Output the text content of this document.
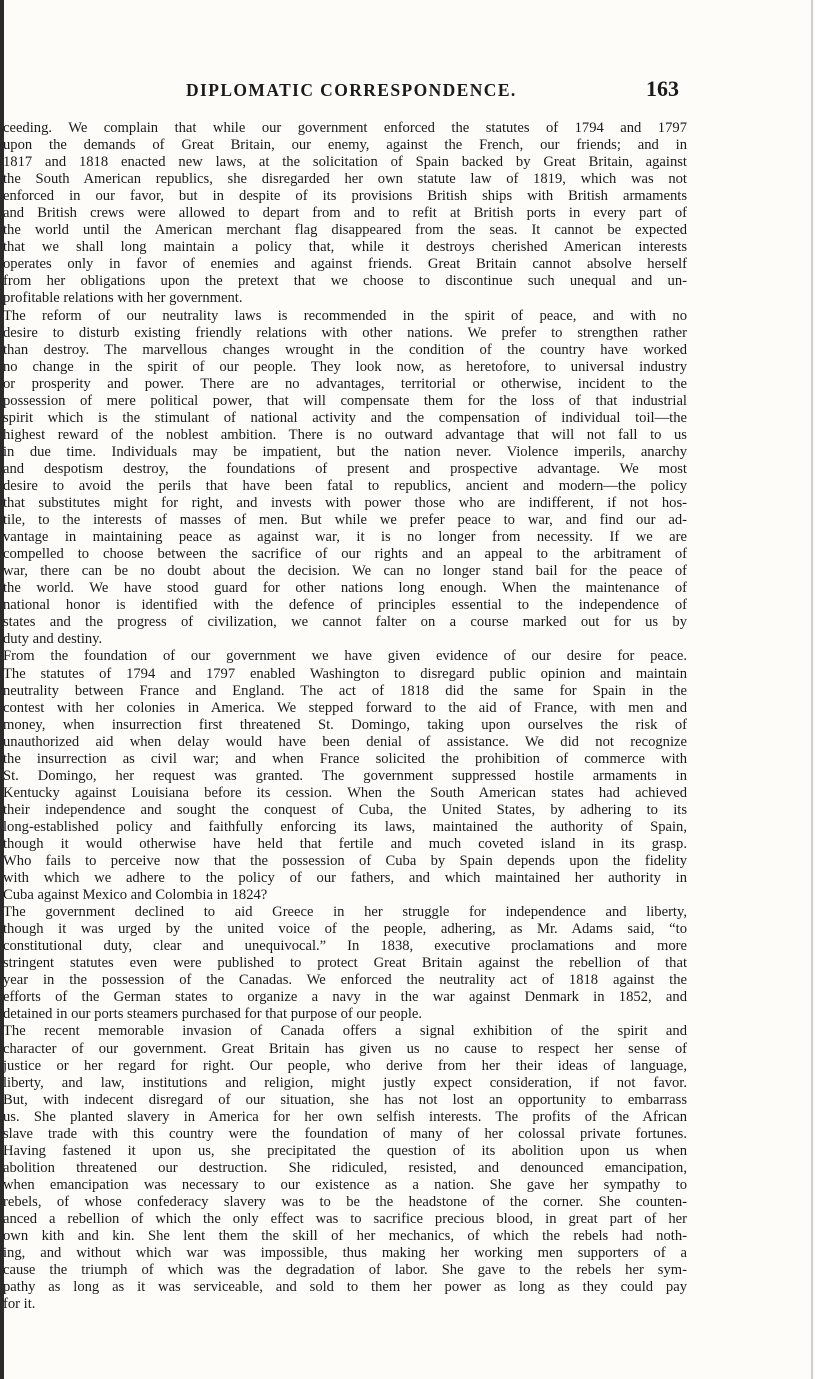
DIPLOMATIC CORRESPONDENCE.	163
ceeding. We complain that while our government enforced the statutes of 1794 and 1797
upon the demands of Great Britain, our enemy, against the French, our friends; and in
1817 and 1818 enacted new laws, at the solicitation of Spain backed by Great Britain, against
the South American republics, she disregarded her own statute law of 1819, which was not
enforced in our favor, but in despite of its provisions British ships with British armaments
and British crews were allowed to depart from and to refit at British ports in every part of
the world until the American merchant flag disappeared from the seas. It cannot be expected
that we shall long maintain a policy that, while it destroys cherished American interests
operates only in favor of enemies and against friends. Great Britain cannot absolve herself
from her obligations upon the pretext that we choose to discontinue such unequal and un-
profitable relations with her government.
The reform of our neutrality laws is recommended in the spirit of peace, and with no
desire to disturb existing friendly relations with other nations. We prefer to strengthen rather
than destroy. The marvellous changes wrought in the condition of the country have worked
no change in the spirit of our people. They look now, as heretofore, to universal industry
or prosperity and power. There are no advantages, territorial or otherwise, incident to the
possession of mere political power, that will compensate them for the loss of that industrial
spirit which is the stimulant of national activity and the compensation of individual toil—the
highest reward of the noblest ambition. There is no outward advantage that will not fall to us
in due time. Individuals may be impatient, but the nation never. Violence imperils, anarchy
and despotism destroy, the foundations of present and prospective advantage. We most
desire to avoid the perils that have been fatal to republics, ancient and modern—the policy
that substitutes might for right, and invests with power those who are indifferent, if not hos-
tile, to the interests of masses of men. But while we prefer peace to war, and find our ad-
vantage in maintaining peace as against war, it is no longer from necessity. If we are
compelled to choose between the sacrifice of our rights and an appeal to the arbitrament of
war, there can be no doubt about the decision. We can no longer stand bail for the peace of
the world. We have stood guard for other nations long enough. When the maintenance of
national honor is identified with the defence of principles essential to the independence of
states and the progress of civilization, we cannot falter on a course marked out for us by
duty and destiny.
From the foundation of our government we have given evidence of our desire for peace.
The statutes of 1794 and 1797 enabled Washington to disregard public opinion and maintain
neutrality between France and England. The act of 1818 did the same for Spain in the
contest with her colonies in America. We stepped forward to the aid of France, with men and
money, when insurrection first threatened St. Domingo, taking upon ourselves the risk of
unauthorized aid when delay would have been denial of assistance. We did not recognize
the insurrection as civil war; and when France solicited the prohibition of commerce with
St. Domingo, her request was granted. The government suppressed hostile armaments in
Kentucky against Louisiana before its cession. When the South American states had achieved
their independence and sought the conquest of Cuba, the United States, by adhering to its
long-established policy and faithfully enforcing its laws, maintained the authority of Spain,
though it would otherwise have held that fertile and much coveted island in its grasp.
Who fails to perceive now that the possession of Cuba by Spain depends upon the fidelity
with which we adhere to the policy of our fathers, and which maintained her authority in
Cuba against Mexico and Colombia in 1824?
The government declined to aid Greece in her struggle for independence and liberty,
though it was urged by the united voice of the people, adhering, as Mr. Adams said, “to
constitutional duty, clear and unequivocal.” In 1838, executive proclamations and more
stringent statutes even were published to protect Great Britain against the rebellion of that
year in the possession of the Canadas. We enforced the neutrality act of 1818 against the
efforts of the German states to organize a navy in the war against Denmark in 1852, and
detained in our ports steamers purchased for that purpose of our people.
The recent memorable invasion of Canada offers a signal exhibition of the spirit and
character of our government. Great Britain has given us no cause to respect her sense of
justice or her regard for right. Our people, who derive from her their ideas of language,
liberty, and law, institutions and religion, might justly expect consideration, if not favor.
But, with indecent disregard of our situation, she has not lost an opportunity to embarrass
us. She planted slavery in America for her own selfish interests. The profits of the African
slave trade with this country were the foundation of many of her colossal private fortunes.
Having fastened it upon us, she precipitated the question of its abolition upon us when
abolition threatened our destruction. She ridiculed, resisted, and denounced emancipation,
when emancipation was necessary to our existence as a nation. She gave her sympathy to
rebels, of whose confederacy slavery was to be the headstone of the corner. She counten-
anced a rebellion of which the only effect was to sacrifice precious blood, in great part of her
own kith and kin. She lent them the skill of her mechanics, of which the rebels had noth-
ing, and without which war was impossible, thus making her working men supporters of a
cause the triumph of which was the degradation of labor. She gave to the rebels her sym-
pathy as long as it was serviceable, and sold to them her power as long as they could pay
for it.
